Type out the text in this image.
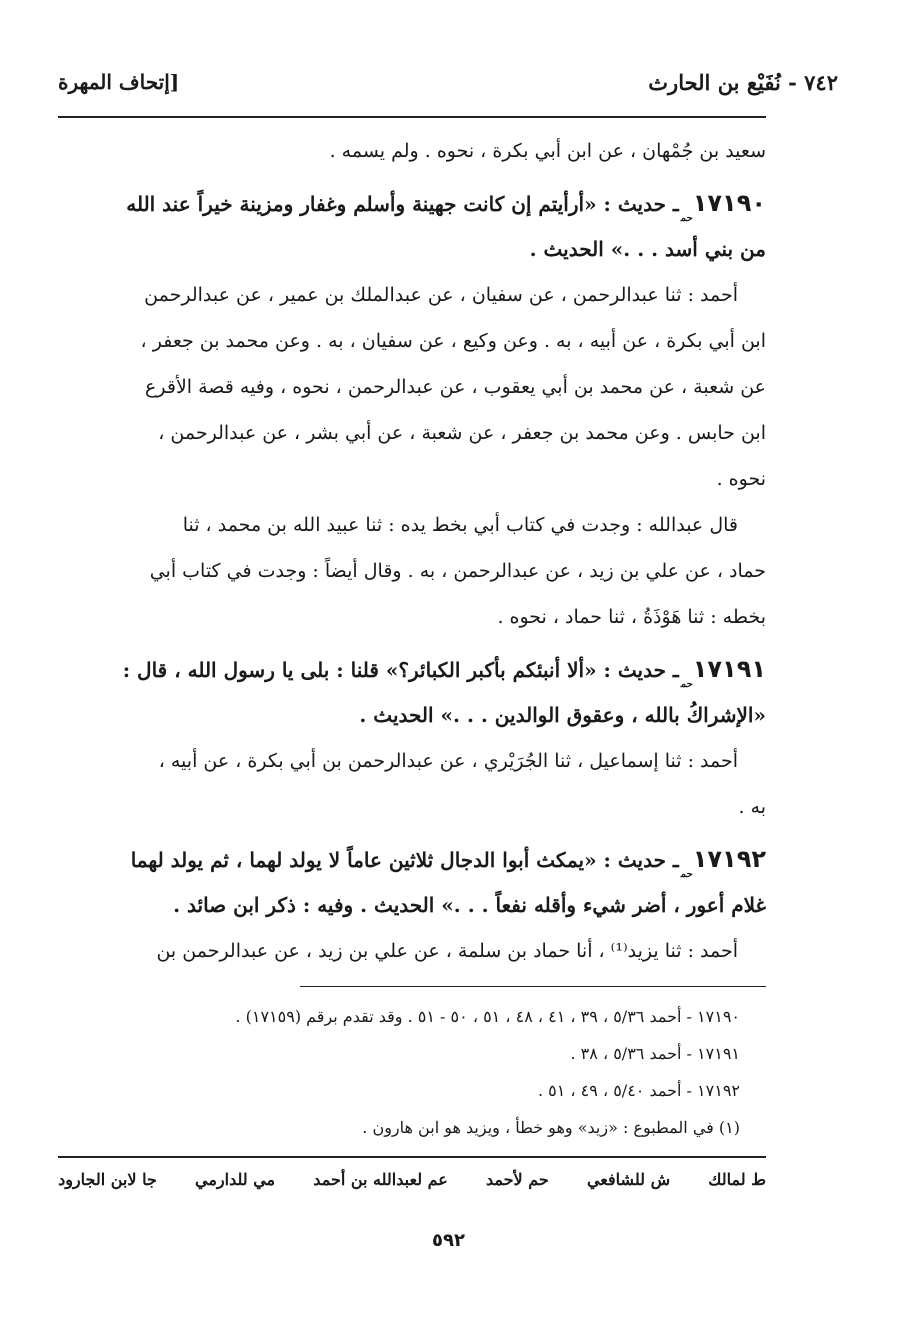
٧٤٢ - نُفَيْع بن الحارث
[إتحاف المهرة
سعيد بن جُمْهان ، عن ابن أبي بكرة ، نحوه . ولم يسمه .
$١٧١٩٠_{حم}ـ$ حديث : «أرأيتم إن كانت جهينة وأسلم وغفار ومزينة خيراً عند الله
من بني أسد . . .» الحديث .
أحمد : ثنا عبدالرحمن ، عن سفيان ، عن عبدالملك بن عمير ، عن عبدالرحمن
ابن أبي بكرة ، عن أبيه ، به . وعن وكيع ، عن سفيان ، به . وعن محمد بن جعفر ،
عن شعبة ، عن محمد بن أبي يعقوب ، عن عبدالرحمن ، نحوه ، وفيه قصة الأقرع
ابن حابس . وعن محمد بن جعفر ، عن شعبة ، عن أبي بشر ، عن عبدالرحمن ،
نحوه .
قال عبدالله : وجدت في كتاب أبي بخط يده : ثنا عبيد الله بن محمد ، ثنا
حماد ، عن علي بن زيد ، عن عبدالرحمن ، به . وقال أيضاً : وجدت في كتاب أبي
بخطه : ثنا هَوْذَةُ ، ثنا حماد ، نحوه .
$١٧١٩١_{حم}ـ$ حديث : «ألا أنبئكم بأكبر الكبائر؟» قلنا : بلى يا رسول الله ، قال :
«الإشراكُ بالله ، وعقوق الوالدين . . .» الحديث .
أحمد : ثنا إسماعيل ، ثنا الجُرَيْري ، عن عبدالرحمن بن أبي بكرة ، عن أبيه ،
به .
$١٧١٩٢_{حم}ـ$ حديث : «يمكث أبوا الدجال ثلاثين عاماً لا يولد لهما ، ثم يولد لهما
غلام أعور ، أضر شيء وأقله نفعاً . . .» الحديث . وفيه : ذكر ابن صائد .
أحمد : ثنا يزيد⁽¹⁾ ، أنا حماد بن سلمة ، عن علي بن زيد ، عن عبدالرحمن بن
١٧١٩٠ - أحمد ٥/٣٦ ، ٣٩ ، ٤١ ، ٤٨ ، ٥١ ، ٥٠ - ٥١ . وقد تقدم برقم (١٧١٥٩) .
١٧١٩١ - أحمد ٥/٣٦ ، ٣٨ .
١٧١٩٢ - أحمد ٥/٤٠ ، ٤٩ ، ٥١ .
(١) في المطبوع : «زيد» وهو خطأ ، ويزيد هو ابن هارون .
ط لمالك
ش للشافعي
حم لأحمد
عم لعبدالله بن أحمد
مي للدارمي
جا لابن الجارود
٥٩٢
